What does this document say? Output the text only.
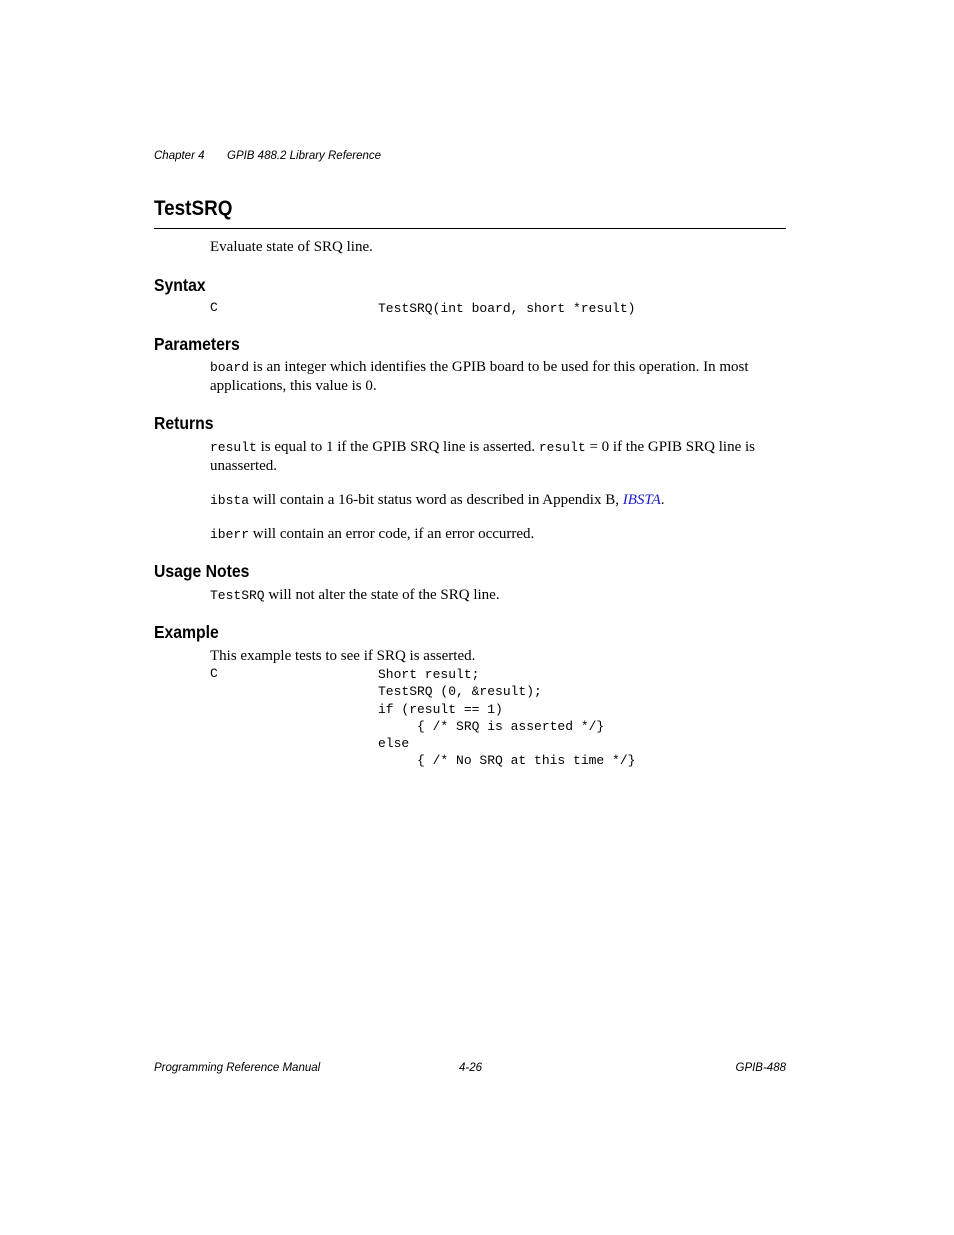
Chapter 4 GPIB 488.2 Library Reference
TestSRQ
Evaluate state of SRQ line.
Syntax
C	TestSRQ(int board, short *result)
Parameters
board is an integer which identifies the GPIB board to be used for this operation. In most applications, this value is 0.
Returns
result is equal to 1 if the GPIB SRQ line is asserted. result = 0 if the GPIB SRQ line is unasserted.
ibsta will contain a 16-bit status word as described in Appendix B, IBSTA.
iberr will contain an error code, if an error occurred.
Usage Notes
TestSRQ will not alter the state of the SRQ line.
Example
This example tests to see if SRQ is asserted.
C	Short result;
TestSRQ (0, &result);
if (result == 1)
{ /* SRQ is asserted */}
else
{ /* No SRQ at this time */}
Programming Reference Manual	4-26	GPIB-488
